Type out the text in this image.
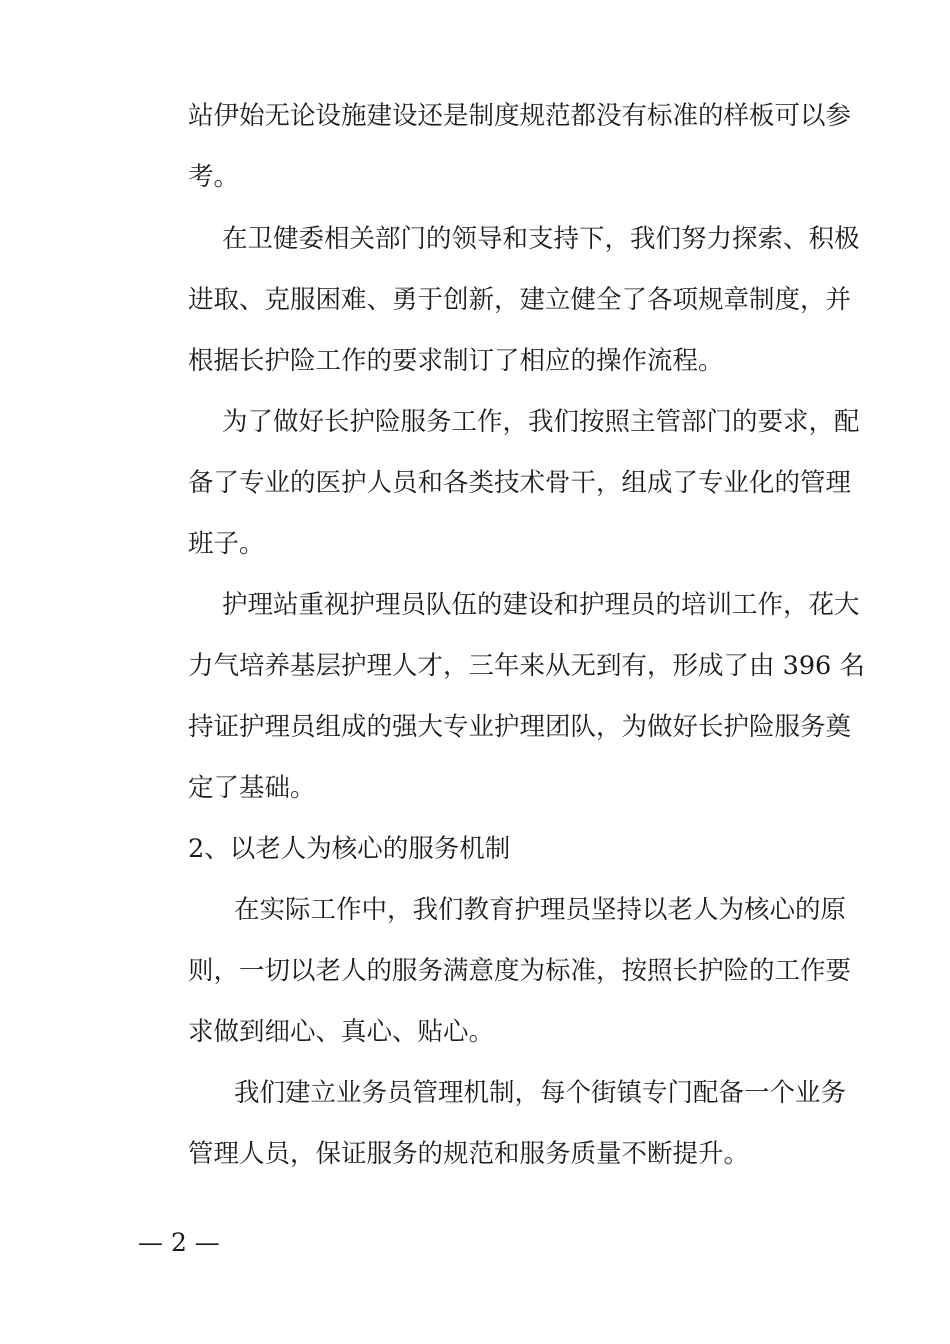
站伊始无论设施建设还是制度规范都没有标准的样板可以参
考。
在卫健委相关部门的领导和支持下，我们努力探索、积极
进取、克服困难、勇于创新，建立健全了各项规章制度，并
根据长护险工作的要求制订了相应的操作流程。
为了做好长护险服务工作，我们按照主管部门的要求，配
备了专业的医护人员和各类技术骨干，组成了专业化的管理
班子。
护理站重视护理员队伍的建设和护理员的培训工作，花大
力气培养基层护理人才，三年来从无到有，形成了由 396 名
持证护理员组成的强大专业护理团队，为做好长护险服务奠
定了基础。
2、以老人为核心的服务机制
在实际工作中，我们教育护理员坚持以老人为核心的原
则，一切以老人的服务满意度为标准，按照长护险的工作要
求做到细心、真心、贴心。
我们建立业务员管理机制，每个街镇专门配备一个业务
管理人员，保证服务的规范和服务质量不断提升。
— 2 —
